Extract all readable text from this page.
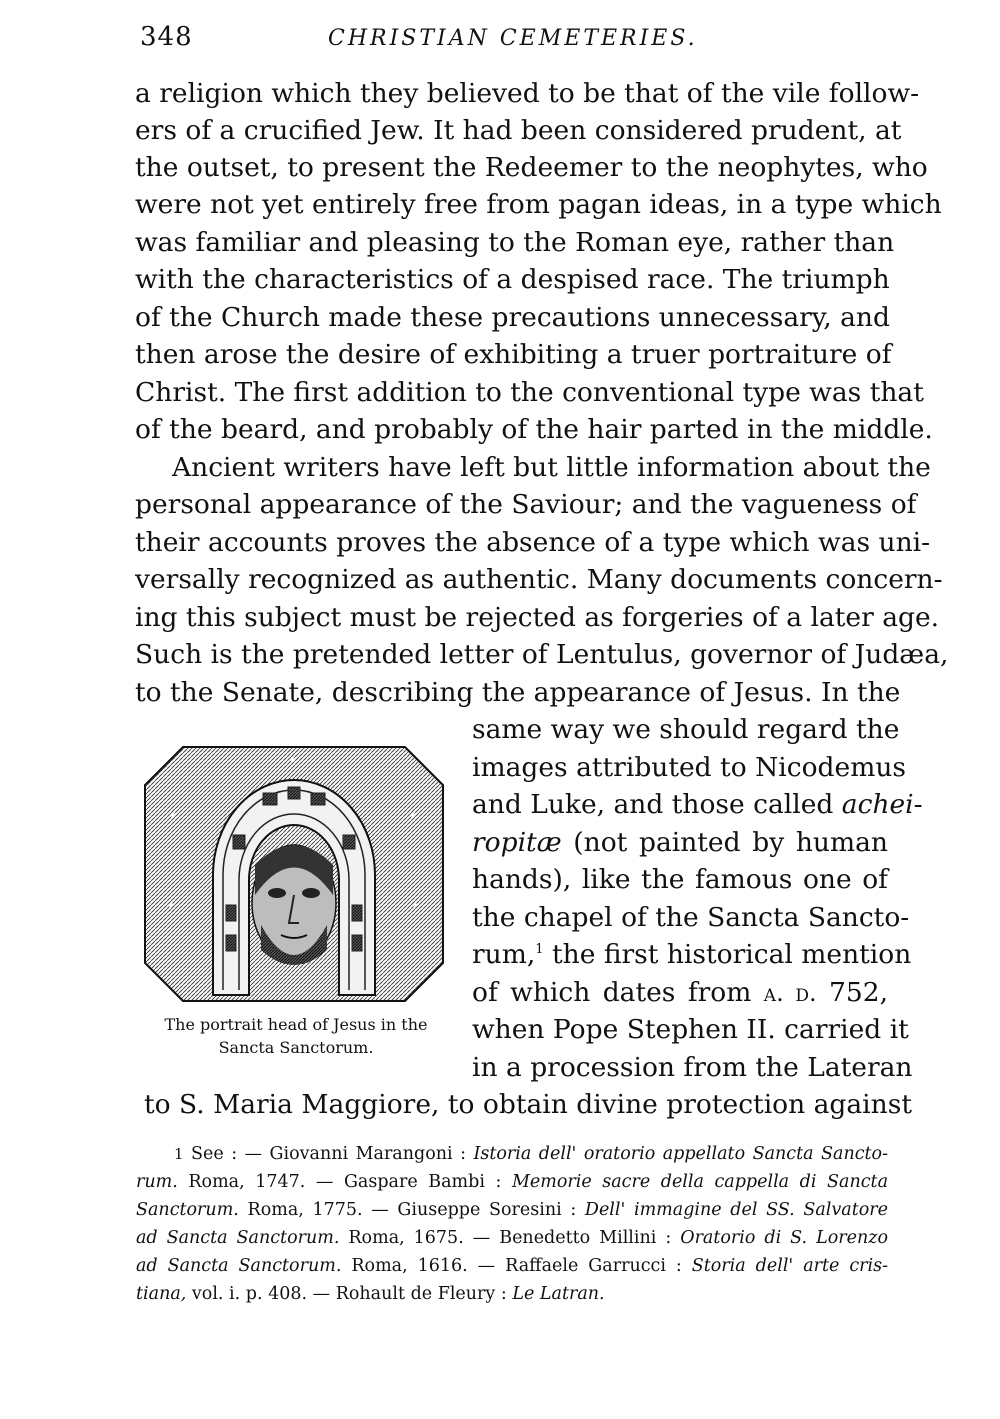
348	CHRISTIAN CEMETERIES.
a religion which they believed to be that of the vile follow-
ers of a crucified Jew. It had been considered prudent, at
the outset, to present the Redeemer to the neophytes, who
were not yet entirely free from pagan ideas, in a type which
was familiar and pleasing to the Roman eye, rather than
with the characteristics of a despised race. The triumph
of the Church made these precautions unnecessary, and
then arose the desire of exhibiting a truer portraiture of
Christ. The first addition to the conventional type was that
of the beard, and probably of the hair parted in the middle.
Ancient writers have left but little information about the
personal appearance of the Saviour; and the vagueness of
their accounts proves the absence of a type which was uni-
versally recognized as authentic. Many documents concern-
ing this subject must be rejected as forgeries of a later age.
Such is the pretended letter of Lentulus, governor of Judæa,
to the Senate, describing the appearance of Jesus. In the
same way we should regard the
images attributed to Nicodemus
and Luke, and those called achei-
ropitæ (not painted by human
hands), like the famous one of
the chapel of the Sancta Sancto-
rum,$^1$ the first historical mention
of which dates from a. d. 752,
when Pope Stephen II. carried it
in a procession from the Lateran
to S. Maria Maggiore, to obtain divine protection against
The portrait head of Jesus in the
Sancta Sanctorum.
1 See : — Giovanni Marangoni : Istoria dell' oratorio appellato Sancta Sancto-
rum. Roma, 1747. — Gaspare Bambi : Memorie sacre della cappella di Sancta
Sanctorum. Roma, 1775. — Giuseppe Soresini : Dell' immagine del SS. Salvatore
ad Sancta Sanctorum. Roma, 1675. — Benedetto Millini : Oratorio di S. Lorenzo
ad Sancta Sanctorum. Roma, 1616. — Raffaele Garrucci : Storia dell' arte cris-
tiana, vol. i. p. 408. — Rohault de Fleury : Le Latran.
